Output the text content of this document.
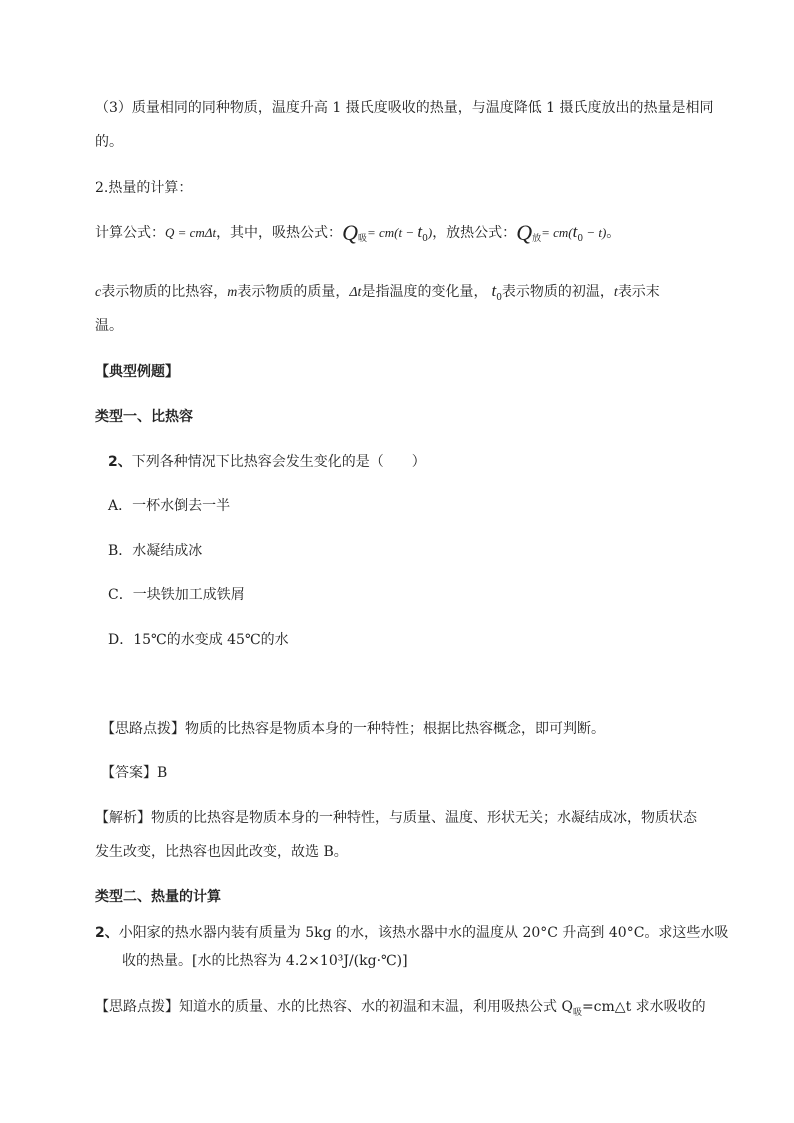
（3）质量相同的同种物质，温度升高 1 摄氏度吸收的热量，与温度降低 1 摄氏度放出的热量是相同
的。
2.热量的计算：
计算公式：Q = cmΔt，其中，吸热公式：$Q_吸= cm(t - t_0)$，放热公式：$Q_放= cm(t_0 - t)$。
c表示物质的比热容，m表示物质的质量，Δt是指温度的变化量， $t_0$表示物质的初温，t表示末
温。
【典型例题】
类型一、比热容
2、下列各种情况下比热容会发生变化的是（　　）
A．一杯水倒去一半
B．水凝结成冰
C．一块铁加工成铁屑
D．15℃的水变成 45℃的水
【思路点拨】物质的比热容是物质本身的一种特性；根据比热容概念，即可判断。
【答案】B
【解析】物质的比热容是物质本身的一种特性，与质量、温度、形状无关；水凝结成冰，物质状态
发生改变，比热容也因此改变，故选 B。
类型二、热量的计算
2、小阳家的热水器内装有质量为 5kg 的水，该热水器中水的温度从 20°C 升高到 40°C。求这些水吸
收的热量。[水的比热容为 4.2×10³J/(kg·℃)]
【思路点拨】知道水的质量、水的比热容、水的初温和末温，利用吸热公式 $Q_吸=cm\triangle t$ 求水吸收的
